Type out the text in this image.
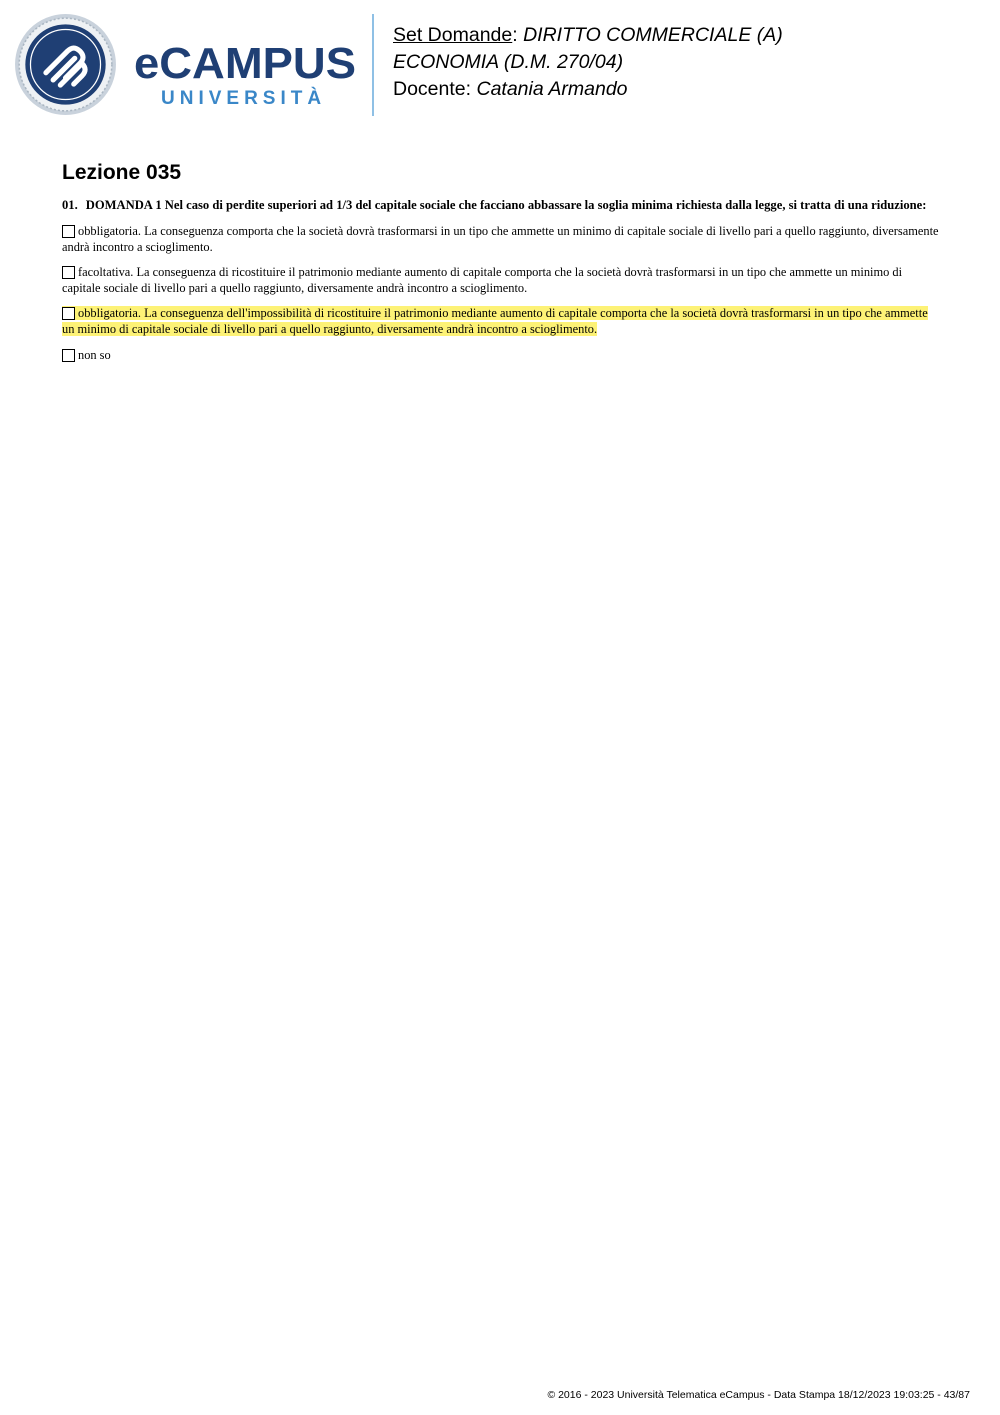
eCAMPUS
UNIVERSITÀ
Set Domande: DIRITTO COMMERCIALE (A)
ECONOMIA (D.M. 270/04)
Docente: Catania Armando
Lezione 035
01. DOMANDA 1 Nel caso di perdite superiori ad 1/3 del capitale sociale che facciano abbassare la soglia minima richiesta dalla legge, si tratta di una riduzione:
obbligatoria. La conseguenza comporta che la società dovrà trasformarsi in un tipo che ammette un minimo di capitale sociale di livello pari a quello raggiunto, diversamente andrà incontro a scioglimento.
facoltativa. La conseguenza di ricostituire il patrimonio mediante aumento di capitale comporta che la società dovrà trasformarsi in un tipo che ammette un minimo di capitale sociale di livello pari a quello raggiunto, diversamente andrà incontro a scioglimento.
obbligatoria. La conseguenza dell'impossibilità di ricostituire il patrimonio mediante aumento di capitale comporta che la società dovrà trasformarsi in un tipo che ammette un minimo di capitale sociale di livello pari a quello raggiunto, diversamente andrà incontro a scioglimento.
non so
© 2016 - 2023 Università Telematica eCampus - Data Stampa 18/12/2023 19:03:25 - 43/87
